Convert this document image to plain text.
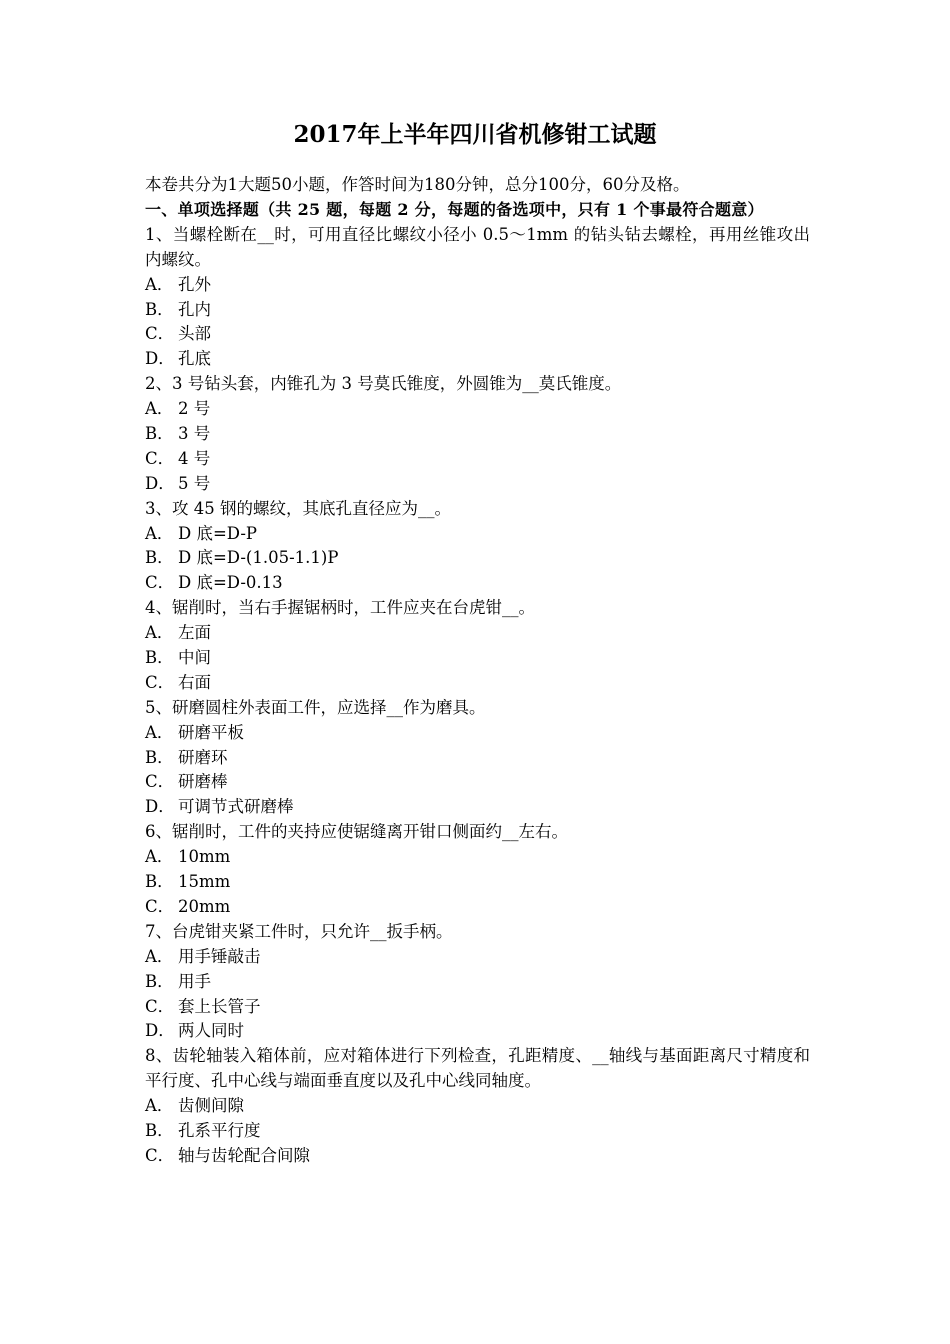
2017年上半年四川省机修钳工试题
本卷共分为1大题50小题，作答时间为180分钟，总分100分，60分及格。
一、单项选择题（共 25 题，每题 2 分，每题的备选项中，只有 1 个事最符合题意）
1、当螺栓断在__时，可用直径比螺纹小径小 0.5～1mm 的钻头钻去螺栓，再用丝锥攻出内螺纹。
A． 孔外
B． 孔内
C． 头部
D． 孔底
2、3 号钻头套，内锥孔为 3 号莫氏锥度，外圆锥为__莫氏锥度。
A． 2 号
B． 3 号
C． 4 号
D． 5 号
3、攻 45 钢的螺纹，其底孔直径应为__。
A． D 底=D-P
B． D 底=D-(1.05-1.1)P
C． D 底=D-0.13
4、锯削时，当右手握锯柄时，工件应夹在台虎钳__。
A． 左面
B． 中间
C． 右面
5、研磨圆柱外表面工件，应选择__作为磨具。
A． 研磨平板
B． 研磨环
C． 研磨棒
D． 可调节式研磨棒
6、锯削时，工件的夹持应使锯缝离开钳口侧面约__左右。
A． 10mm
B． 15mm
C． 20mm
7、台虎钳夹紧工件时，只允许__扳手柄。
A． 用手锤敲击
B． 用手
C． 套上长管子
D． 两人同时
8、齿轮轴装入箱体前，应对箱体进行下列检查，孔距精度、__轴线与基面距离尺寸精度和平行度、孔中心线与端面垂直度以及孔中心线同轴度。
A． 齿侧间隙
B． 孔系平行度
C． 轴与齿轮配合间隙
